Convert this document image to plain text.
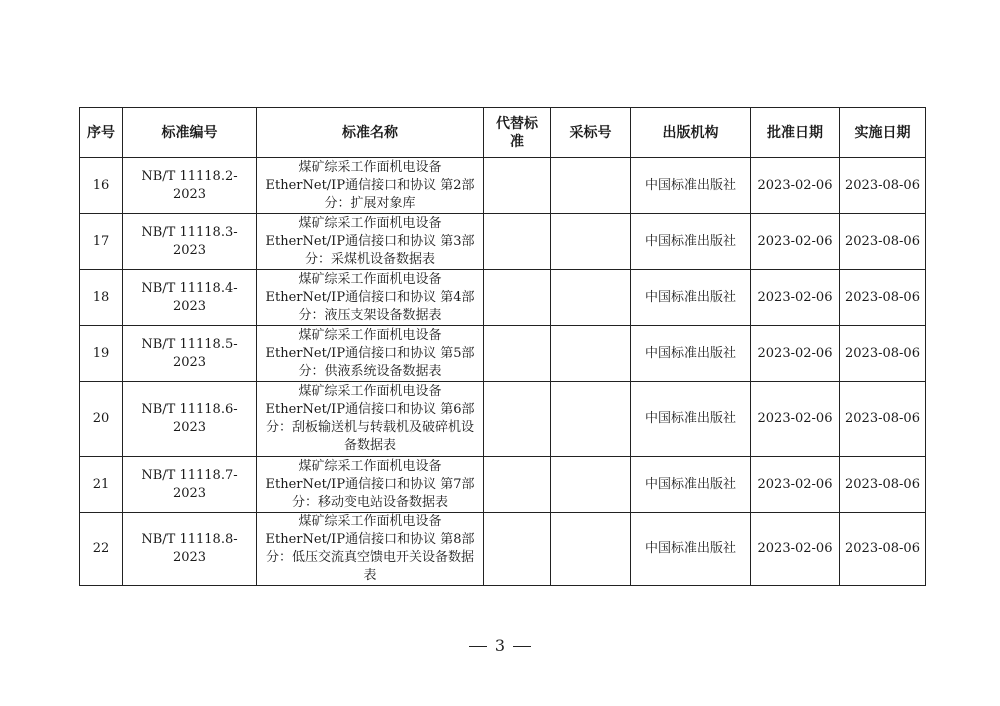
序号	标准编号	标准名称	代替标准	采标号	出版机构	批准日期	实施日期
16	NB/T 11118.2-2023	煤矿综采工作面机电设备EtherNet/IP通信接口和协议 第2部分：扩展对象库			中国标准出版社	2023-02-06	2023-08-06
17	NB/T 11118.3-2023	煤矿综采工作面机电设备EtherNet/IP通信接口和协议 第3部分：采煤机设备数据表			中国标准出版社	2023-02-06	2023-08-06
18	NB/T 11118.4-2023	煤矿综采工作面机电设备EtherNet/IP通信接口和协议 第4部分：液压支架设备数据表			中国标准出版社	2023-02-06	2023-08-06
19	NB/T 11118.5-2023	煤矿综采工作面机电设备EtherNet/IP通信接口和协议 第5部分：供液系统设备数据表			中国标准出版社	2023-02-06	2023-08-06
20	NB/T 11118.6-2023	煤矿综采工作面机电设备EtherNet/IP通信接口和协议 第6部分：刮板输送机与转载机及破碎机设备数据表			中国标准出版社	2023-02-06	2023-08-06
21	NB/T 11118.7-2023	煤矿综采工作面机电设备EtherNet/IP通信接口和协议 第7部分：移动变电站设备数据表			中国标准出版社	2023-02-06	2023-08-06
22	NB/T 11118.8-2023	煤矿综采工作面机电设备EtherNet/IP通信接口和协议 第8部分：低压交流真空馈电开关设备数据表			中国标准出版社	2023-02-06	2023-08-06
3
